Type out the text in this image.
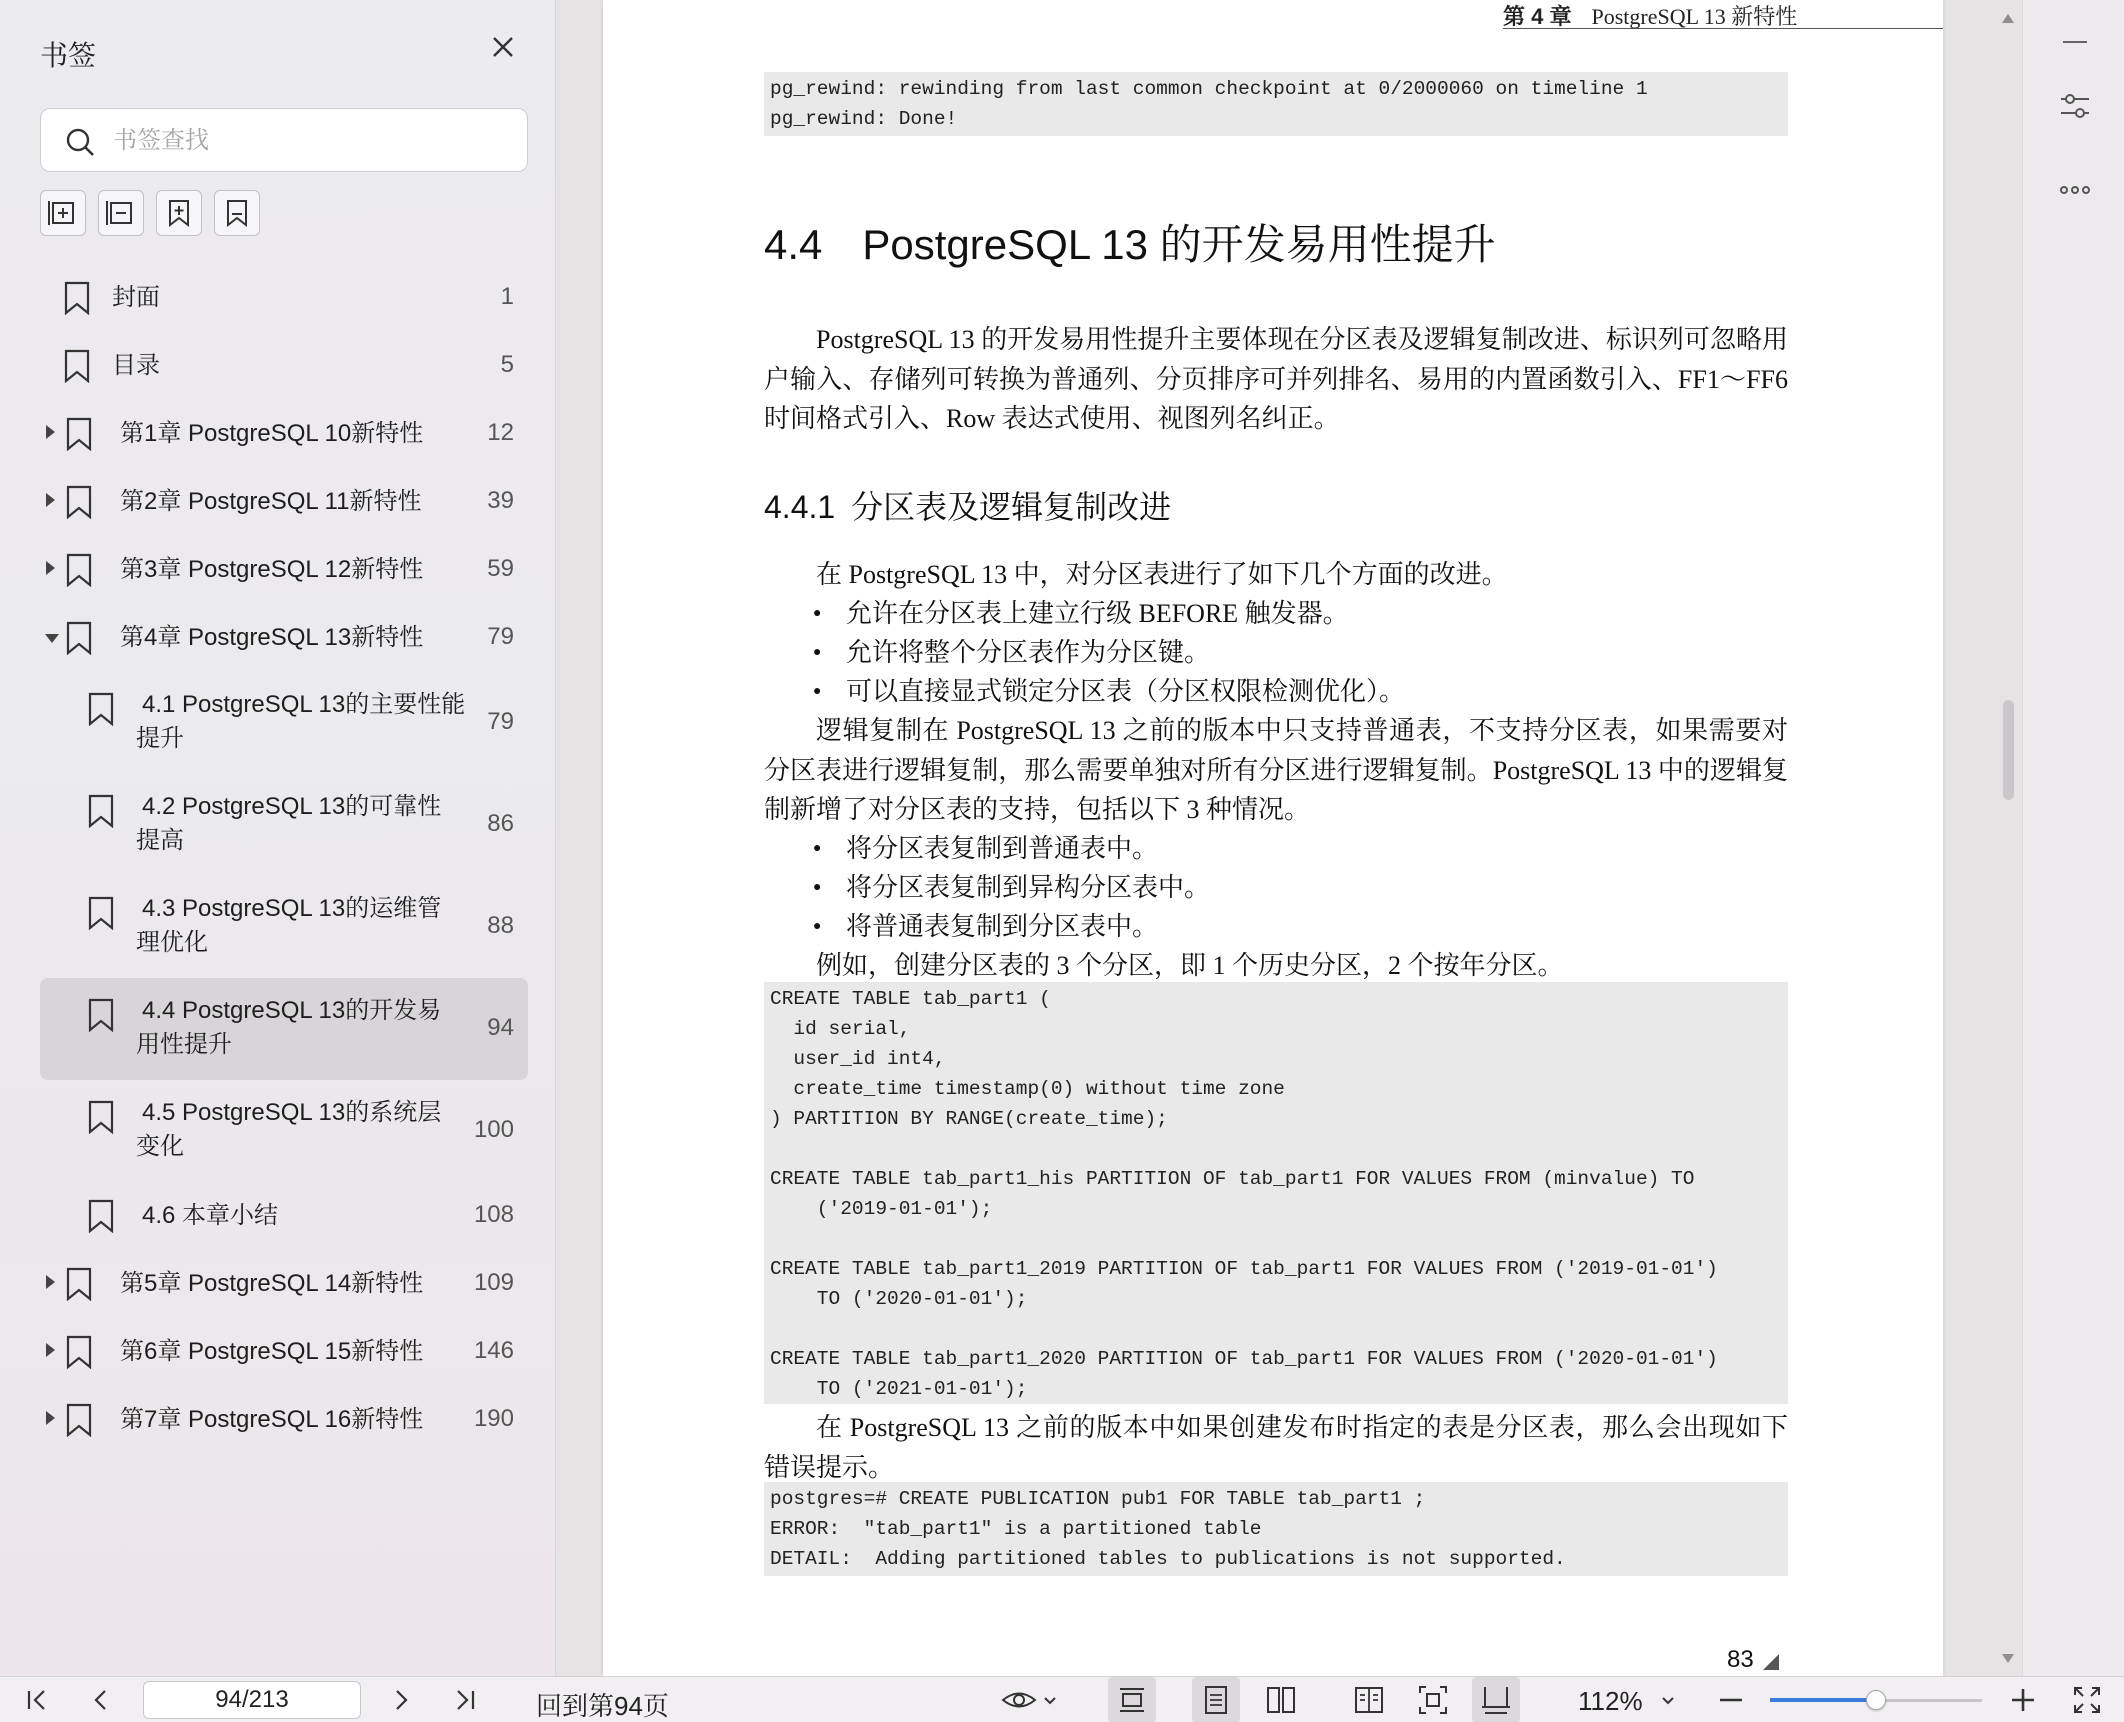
书签
书签查找
封面	1
目录	5
第1章 PostgreSQL 10新特性	12
第2章 PostgreSQL 11新特性	39
第3章 PostgreSQL 12新特性	59
第4章 PostgreSQL 13新特性	79
4.1 PostgreSQL 13的主要性能
提升
79
4.2 PostgreSQL 13的可靠性
提高
86
4.3 PostgreSQL 13的运维管
理优化
88
4.4 PostgreSQL 13的开发易
用性提升
94
4.5 PostgreSQL 13的系统层
变化
100
4.6 本章小结	108
第5章 PostgreSQL 14新特性 109
第6章 PostgreSQL 15新特性 146
第7章 PostgreSQL 16新特性 190
第 4 章 PostgreSQL 13 新特性
pg_rewind: rewinding from last common checkpoint at 0/2000060 on timeline 1
pg_rewind: Done!
4.4 PostgreSQL 13 的开发易用性提升
PostgreSQL 13 的开发易用性提升主要体现在分区表及逻辑复制改进、标识列可忽略用户输入、存储列可转换为普通列、分页排序可并列排名、易用的内置函数引入、FF1～FF6 时间格式引入、Row 表达式使用、视图列名纠正。
4.4.1 分区表及逻辑复制改进
在 PostgreSQL 13 中，对分区表进行了如下几个方面的改进。
● 允许在分区表上建立行级 BEFORE 触发器。
● 允许将整个分区表作为分区键。
● 可以直接显式锁定分区表（分区权限检测优化）。
逻辑复制在 PostgreSQL 13 之前的版本中只支持普通表，不支持分区表，如果需要对分区表进行逻辑复制，那么需要单独对所有分区进行逻辑复制。PostgreSQL 13 中的逻辑复制新增了对分区表的支持，包括以下 3 种情况。
● 将分区表复制到普通表中。
● 将分区表复制到异构分区表中。
● 将普通表复制到分区表中。
例如，创建分区表的 3 个分区，即 1 个历史分区，2 个按年分区。
CREATE TABLE tab_part1 (
id serial,
user_id int4,
create_time timestamp(0) without time zone
) PARTITION BY RANGE(create_time);

CREATE TABLE tab_part1_his PARTITION OF tab_part1 FOR VALUES FROM (minvalue) TO
('2019-01-01');

CREATE TABLE tab_part1_2019 PARTITION OF tab_part1 FOR VALUES FROM ('2019-01-01')
TO ('2020-01-01');

CREATE TABLE tab_part1_2020 PARTITION OF tab_part1 FOR VALUES FROM ('2020-01-01')
TO ('2021-01-01');
在 PostgreSQL 13 之前的版本中如果创建发布时指定的表是分区表，那么会出现如下错误提示。
postgres=# CREATE PUBLICATION pub1 FOR TABLE tab_part1 ;
ERROR:  "tab_part1" is a partitioned table
DETAIL:  Adding partitioned tables to publications is not supported.
83
94/213	回到第94页	112%
